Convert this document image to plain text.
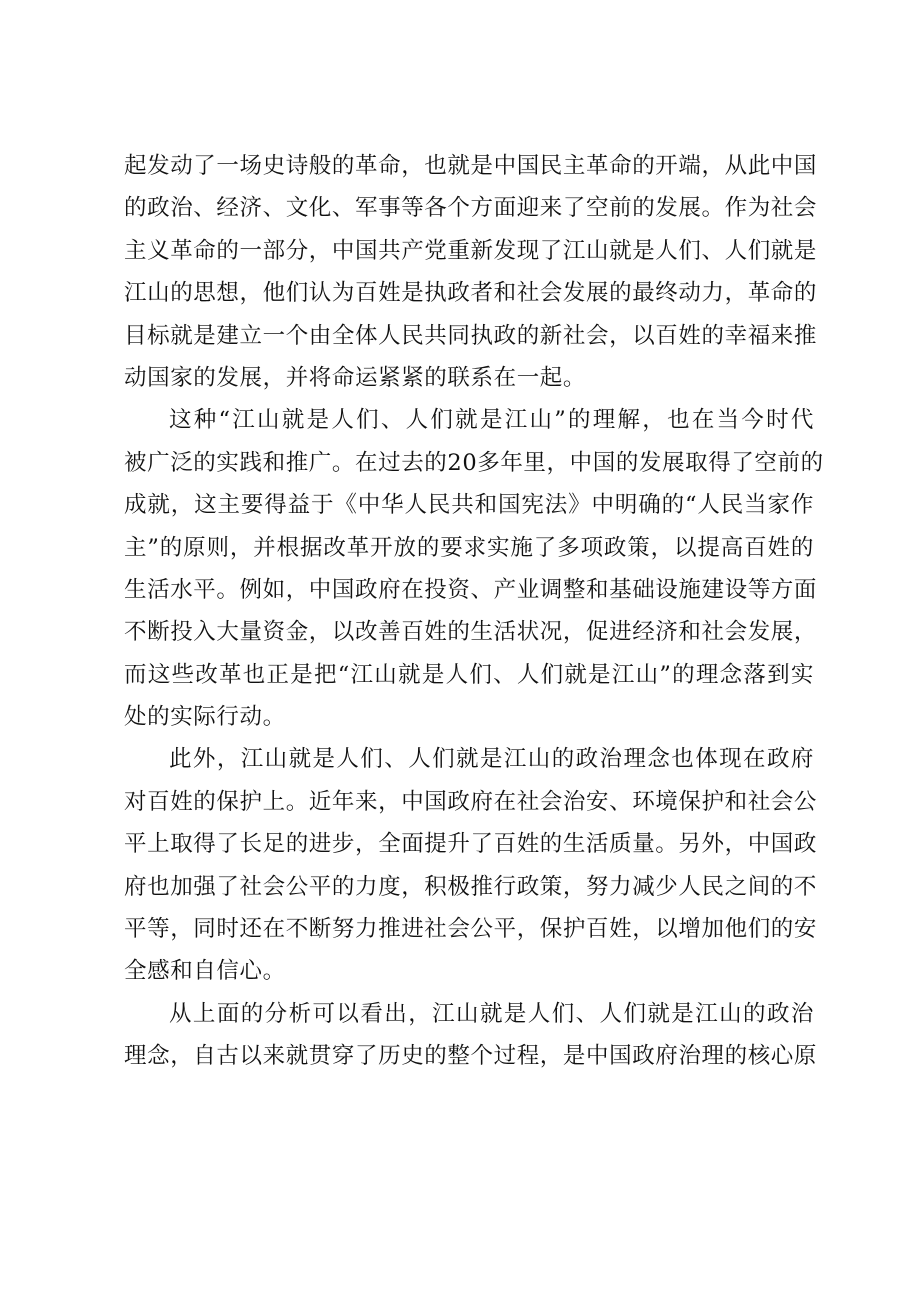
起发动了一场史诗般的革命，也就是中国民主革命的开端，从此中国
的政治、经济、文化、军事等各个方面迎来了空前的发展。作为社会
主义革命的一部分，中国共产党重新发现了江山就是人们、人们就是
江山的思想，他们认为百姓是执政者和社会发展的最终动力，革命的
目标就是建立一个由全体人民共同执政的新社会，以百姓的幸福来推
动国家的发展，并将命运紧紧的联系在一起。
这种“江山就是人们、人们就是江山”的理解，也在当今时代
被广泛的实践和推广。在过去的20多年里，中国的发展取得了空前的
成就，这主要得益于《中华人民共和国宪法》中明确的“人民当家作
主”的原则，并根据改革开放的要求实施了多项政策，以提高百姓的
生活水平。例如，中国政府在投资、产业调整和基础设施建设等方面
不断投入大量资金，以改善百姓的生活状况，促进经济和社会发展，
而这些改革也正是把“江山就是人们、人们就是江山”的理念落到实
处的实际行动。
此外，江山就是人们、人们就是江山的政治理念也体现在政府
对百姓的保护上。近年来，中国政府在社会治安、环境保护和社会公
平上取得了长足的进步，全面提升了百姓的生活质量。另外，中国政
府也加强了社会公平的力度，积极推行政策，努力减少人民之间的不
平等，同时还在不断努力推进社会公平，保护百姓，以增加他们的安
全感和自信心。
从上面的分析可以看出，江山就是人们、人们就是江山的政治
理念，自古以来就贯穿了历史的整个过程，是中国政府治理的核心原
